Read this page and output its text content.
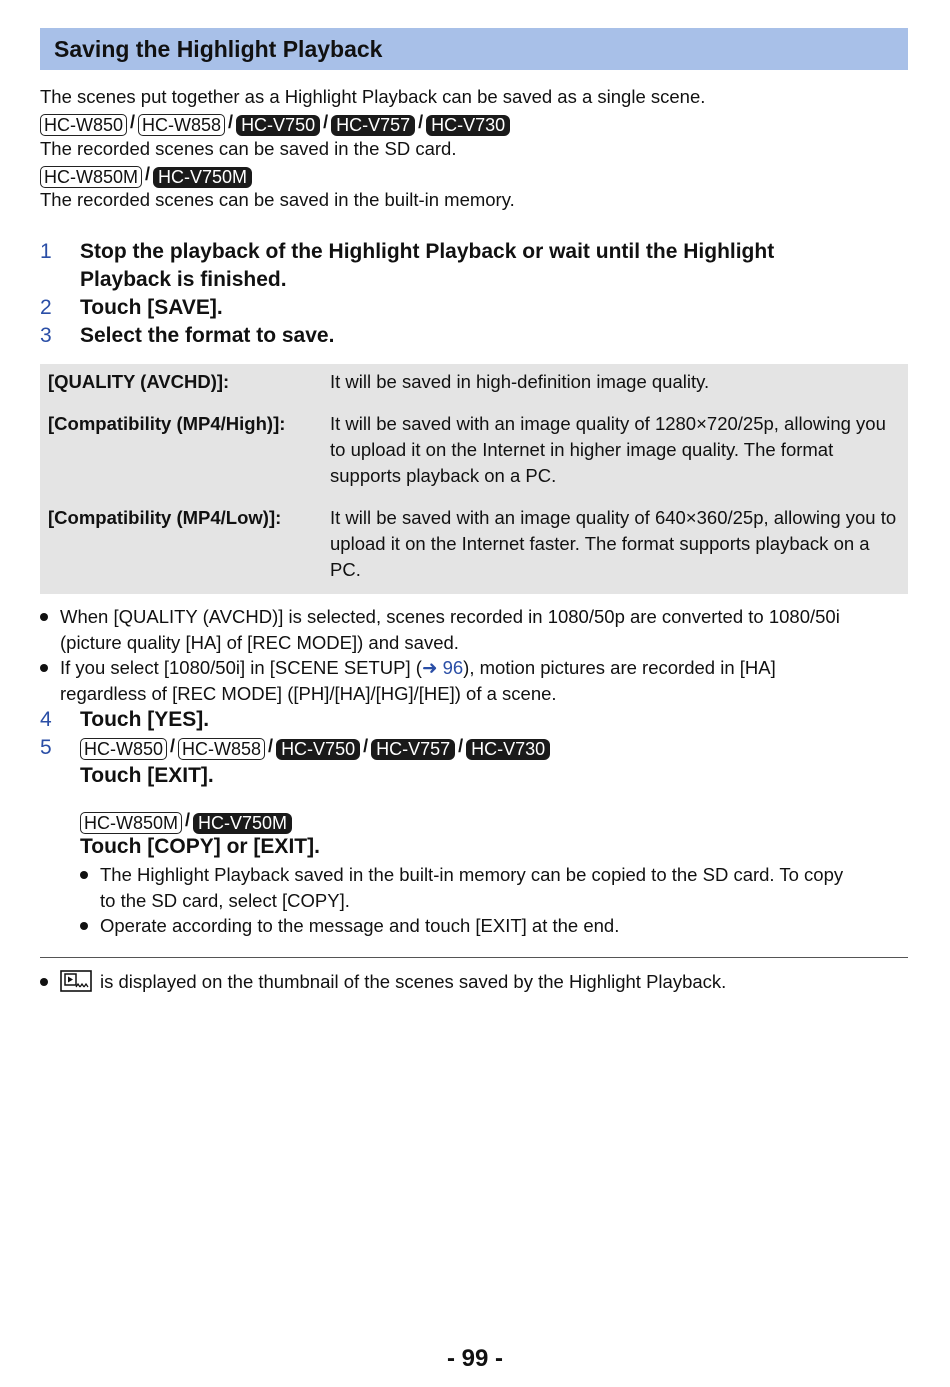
Saving the Highlight Playback
The scenes put together as a Highlight Playback can be saved as a single scene.
HC-W850 / HC-W858 / HC-V750 / HC-V757 / HC-V730
The recorded scenes can be saved in the SD card.
HC-W850M / HC-V750M
The recorded scenes can be saved in the built-in memory.
1 Stop the playback of the Highlight Playback or wait until the Highlight
Playback is finished.
2 Touch [SAVE].
3 Select the format to save.
[QUALITY (AVCHD)]:	It will be saved in high-definition image quality.
[Compatibility (MP4/High)]: It will be saved with an image quality of 1280×720/25p, allowing you to upload it on the Internet in higher image quality. The format supports playback on a PC.
[Compatibility (MP4/Low)]:	It will be saved with an image quality of 640×360/25p, allowing you to upload it on the Internet faster. The format supports playback on a PC.
When [QUALITY (AVCHD)] is selected, scenes recorded in 1080/50p are converted to 1080/50i
(picture quality [HA] of [REC MODE]) and saved.
If you select [1080/50i] in [SCENE SETUP] (➜ 96), motion pictures are recorded in [HA]
regardless of [REC MODE] ([PH]/[HA]/[HG]/[HE]) of a scene.
4 Touch [YES].
5 HC-W850 / HC-W858 / HC-V750 / HC-V757 / HC-V730
Touch [EXIT].
HC-W850M / HC-V750M
Touch [COPY] or [EXIT].
The Highlight Playback saved in the built-in memory can be copied to the SD card. To copy
to the SD card, select [COPY].
Operate according to the message and touch [EXIT] at the end.
is displayed on the thumbnail of the scenes saved by the Highlight Playback.
- 99 -
